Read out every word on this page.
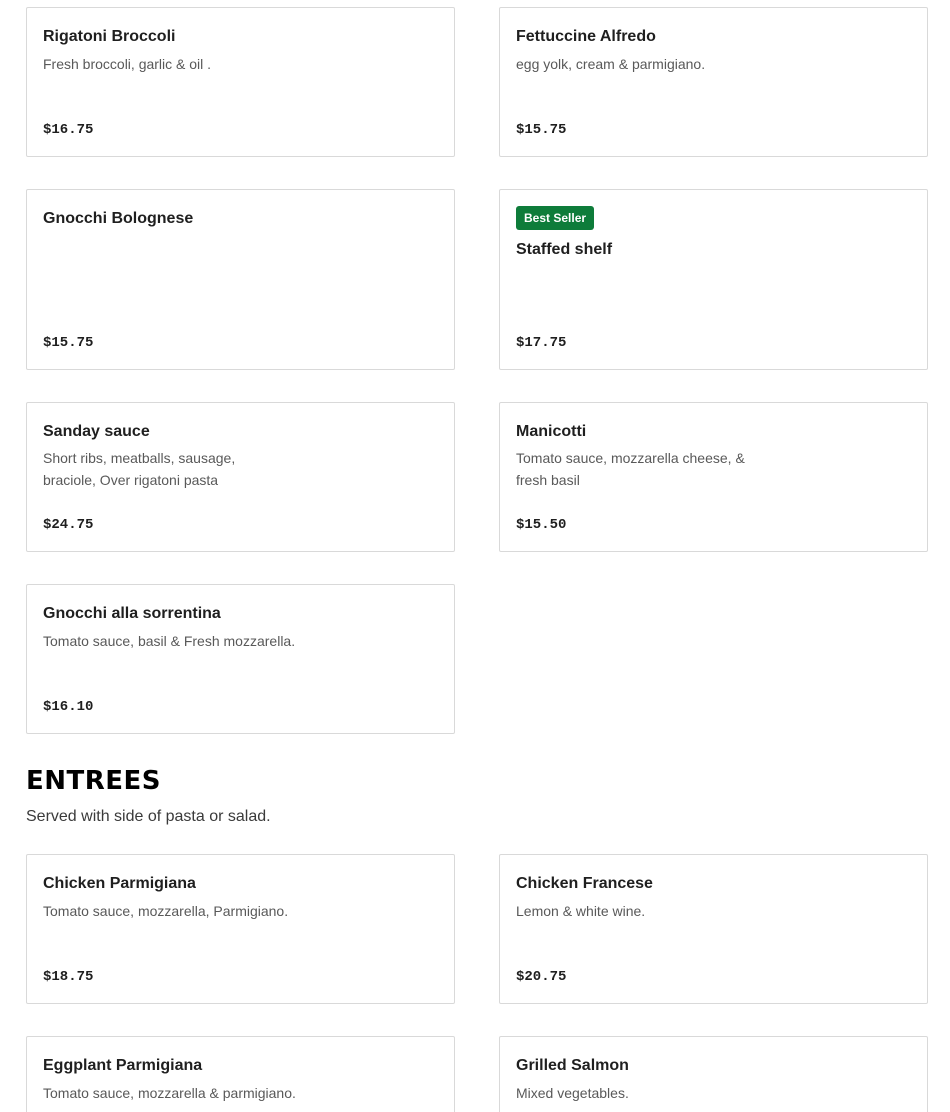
Rigatoni Broccoli
Fresh broccoli, garlic & oil .
$16.75
Fettuccine Alfredo
egg yolk, cream & parmigiano.
$15.75
Gnocchi Bolognese
$15.75
Best Seller
Staffed shelf
$17.75
Sanday sauce
Short ribs, meatballs, sausage, braciole, Over rigatoni pasta
$24.75
Manicotti
Tomato sauce, mozzarella cheese, & fresh basil
$15.50
Gnocchi alla sorrentina
Tomato sauce, basil & Fresh mozzarella.
$16.10
ENTREES
Served with side of pasta or salad.
Chicken Parmigiana
Tomato sauce, mozzarella, Parmigiano.
$18.75
Chicken Francese
Lemon & white wine.
$20.75
Eggplant Parmigiana
Tomato sauce, mozzarella & parmigiano.
Grilled Salmon
Mixed vegetables.
